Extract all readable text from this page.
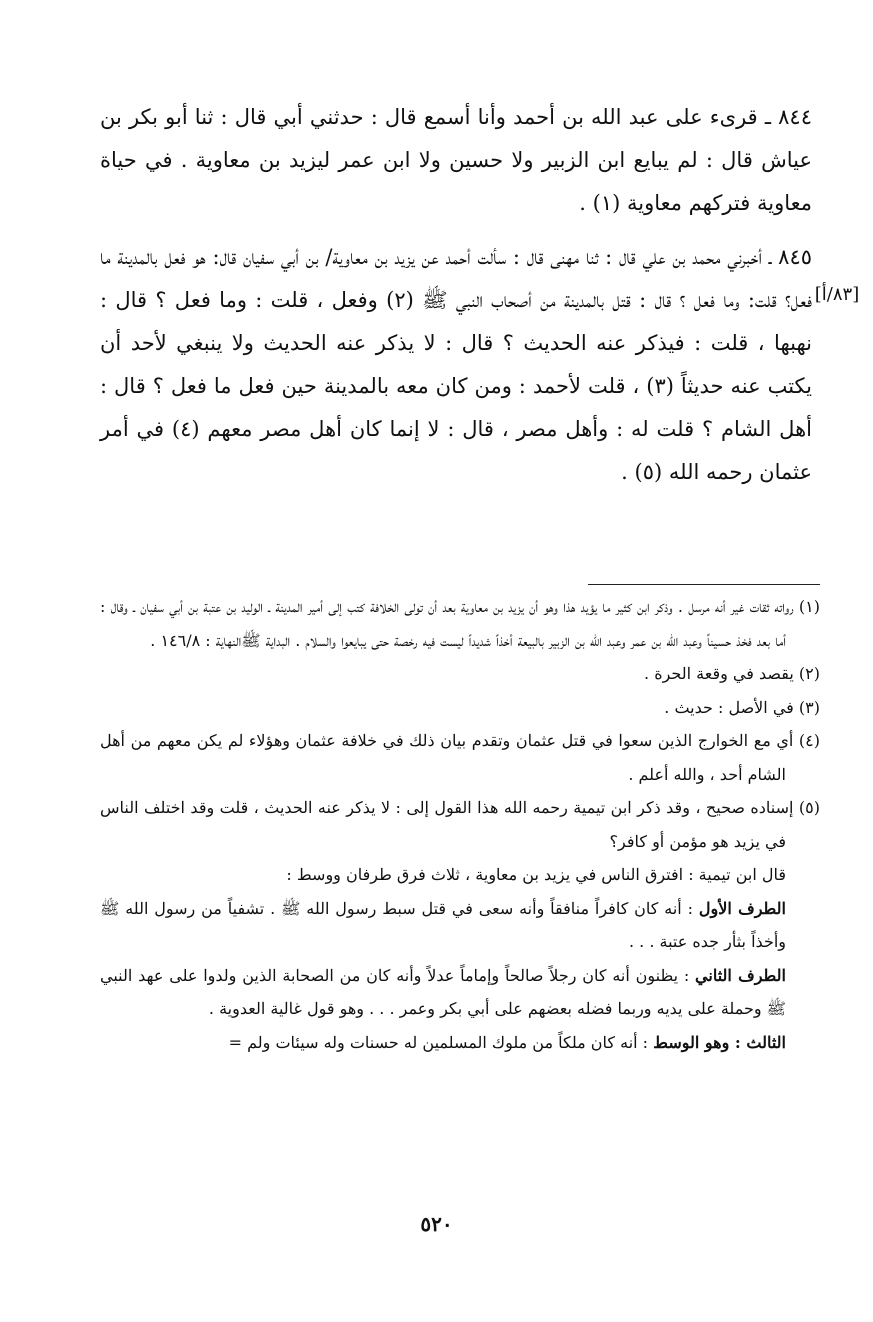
٨٤٤ ـ قرىء على عبد الله بن أحمد وأنا أسمع قال : حدثني أبي قال : ثنا أبو بكر بن عياش قال : لم يبايع ابن الزبير ولا حسين ولا ابن عمر ليزيد بن معاوية . في حياة معاوية فتركهم معاوية (١) .

٨٤٥ ـ أخبرني محمد بن علي قال : ثنا مهنى قال : سألت أحمد عن يزيد بن معاوية/ بن أبي سفيان قال: هو فعل بالمدينة ما فعل؟ قلت: وما فعل ؟ قال : قتل بالمدينة من أصحاب النبي ﷺ (٢) وفعل ، قلت : وما فعل ؟ قال : نهبها ، قلت : فيذكر عنه الحديث ؟ قال : لا يذكر عنه الحديث ولا ينبغي لأحد أن يكتب عنه حديثاً (٣) ، قلت لأحمد : ومن كان معه بالمدينة حين فعل ما فعل ؟ قال : أهل الشام ؟ قلت له : وأهل مصر ، قال : لا إنما كان أهل مصر معهم (٤) في أمر عثمان رحمه الله (٥) .

[٨٣/أ]

(١) رواته ثقات غير أنه مرسل . وذكر ابن كثير ما يؤيد هذا وهو أن يزيد بن معاوية بعد أن تولى الخلافة كتب إلى أمير المدينة ـ الوليد بن عتبة بن أبي سفيان ـ وقال : أما بعد فخذ حسيناً وعبد الله بن عمر وعبد الله بن الزبير بالبيعة أخذاً شديداً ليست فيه رخصة حتى يبايعوا والسلام . البداية ﷺالنهاية : ١٤٦/٨ .

(٢) يقصد في وقعة الحرة .

(٣) في الأصل : حديث .

(٤) أي مع الخوارج الذين سعوا في قتل عثمان وتقدم بيان ذلك في خلافة عثمان وهؤلاء لم يكن معهم من أهل الشام أحد ، والله أعلم .

(٥) إسناده صحيح ، وقد ذكر ابن تيمية رحمه الله هذا القول إلى : لا يذكر عنه الحديث ، قلت وقد اختلف الناس في يزيد هو مؤمن أو كافر؟

قال ابن تيمية : افترق الناس في يزيد بن معاوية ، ثلاث فرق طرفان ووسط :

الطرف الأول : أنه كان كافراً منافقاً وأنه سعى في قتل سبط رسول الله ﷺ . تشفياً من رسول الله ﷺ وأخذاً بثأر جده عتبة . . .

الطرف الثاني : يظنون أنه كان رجلاً صالحاً وإماماً عدلاً وأنه كان من الصحابة الذين ولدوا على عهد النبي ﷺ وحملة على يديه وربما فضله بعضهم على أبي بكر وعمر . . . وهو قول غالية العدوية .

الثالث : وهو الوسط : أنه كان ملكاً من ملوك المسلمين له حسنات وله سيئات ولم =

٥٢٠
